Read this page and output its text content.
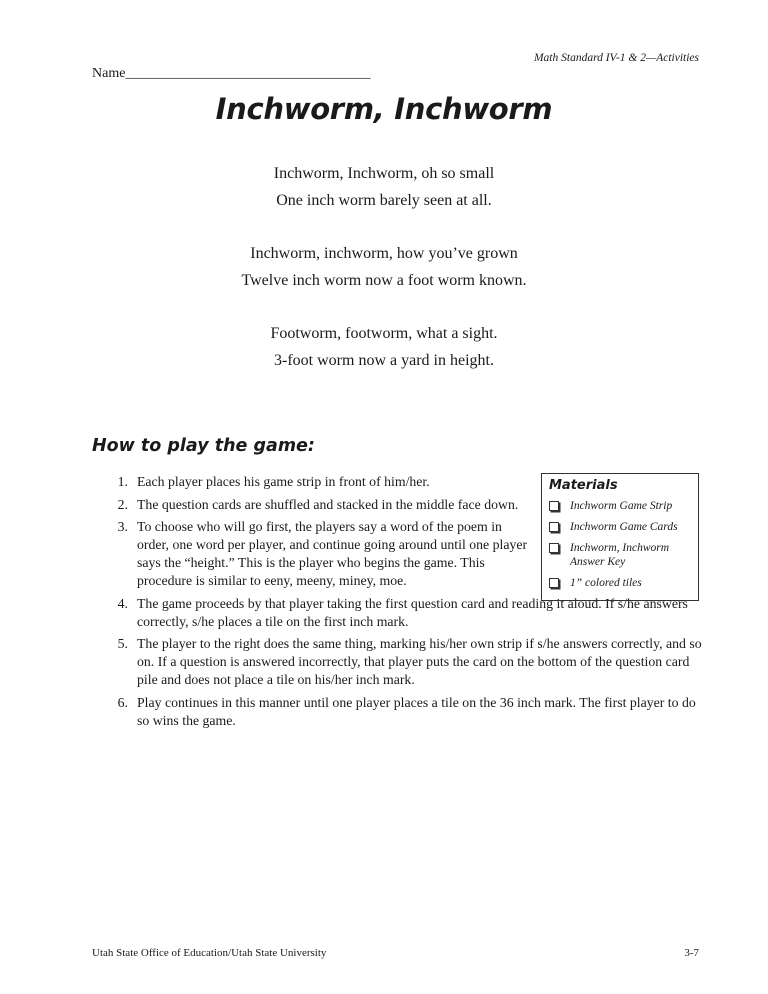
Math Standard IV-1 & 2—Activities
Name___________________________________
Inchworm, Inchworm
Inchworm, Inchworm, oh so small
One inch worm barely seen at all.
Inchworm, inchworm, how you’ve grown
Twelve inch worm now a foot worm known.
Footworm, footworm, what a sight.
3-foot worm now a yard in height.
How to play the game:
1. Each player places his game strip in front of him/her.
2. The question cards are shuffled and stacked in the middle face down.
3. To choose who will go first, the players say a word of the poem in order, one word per player, and continue going around until one player says the “height.” This is the player who begins the game. This procedure is similar to eeny, meeny, miney, moe.
4. The game proceeds by that player taking the first question card and reading it aloud. If s/he answers correctly, s/he places a tile on the first inch mark.
5. The player to the right does the same thing, marking his/her own strip if s/he answers correctly, and so on. If a question is answered incorrectly, that player puts the card on the bottom of the question card pile and does not place a tile on his/her inch mark.
6. Play continues in this manner until one player places a tile on the 36 inch mark. The first player to do so wins the game.
Materials
Inchworm Game Strip
Inchworm Game Cards
Inchworm, Inchworm Answer Key
1” colored tiles
Utah State Office of Education/Utah State University	3-7
